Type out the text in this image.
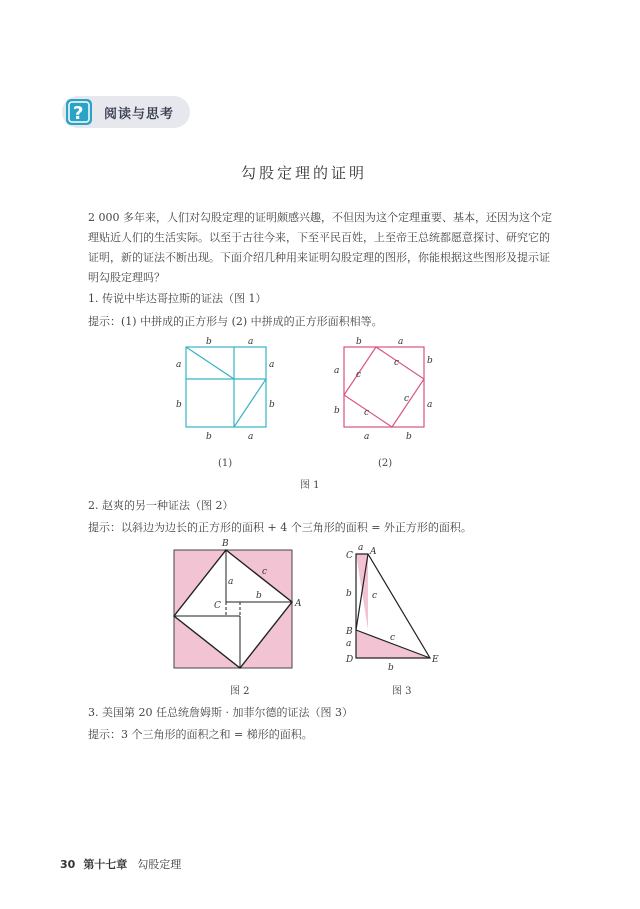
? 阅读与思考
勾股定理的证明
2 000 多年来，人们对勾股定理的证明颇感兴趣，不但因为这个定理重要、基本，还因为这个定理贴近人们的生活实际。以至于古往今来，下至平民百姓，上至帝王总统都愿意探讨、研究它的证明，新的证法不断出现。下面介绍几种用来证明勾股定理的图形，你能根据这些图形及提示证明勾股定理吗？
1. 传说中毕达哥拉斯的证法（图 1）
提示：(1) 中拼成的正方形与 (2) 中拼成的正方形面积相等。
b	a
a
b
a
b
b	a
(1)
b	a
b
a
b
a
b
a
c
c
c
c
(2)
图 1
2. 赵爽的另一种证法（图 2）
提示：以斜边为边长的正方形的面积 + 4 个三角形的面积 = 外正方形的面积。
B
A
C
c
a
b
图 2
C A
B
D	E
b
a
c
c
b
a
图 3
3. 美国第 20 任总统詹姆斯 · 加菲尔德的证法（图 3）
提示：3 个三角形的面积之和 = 梯形的面积。
30 第十七章 勾股定理
